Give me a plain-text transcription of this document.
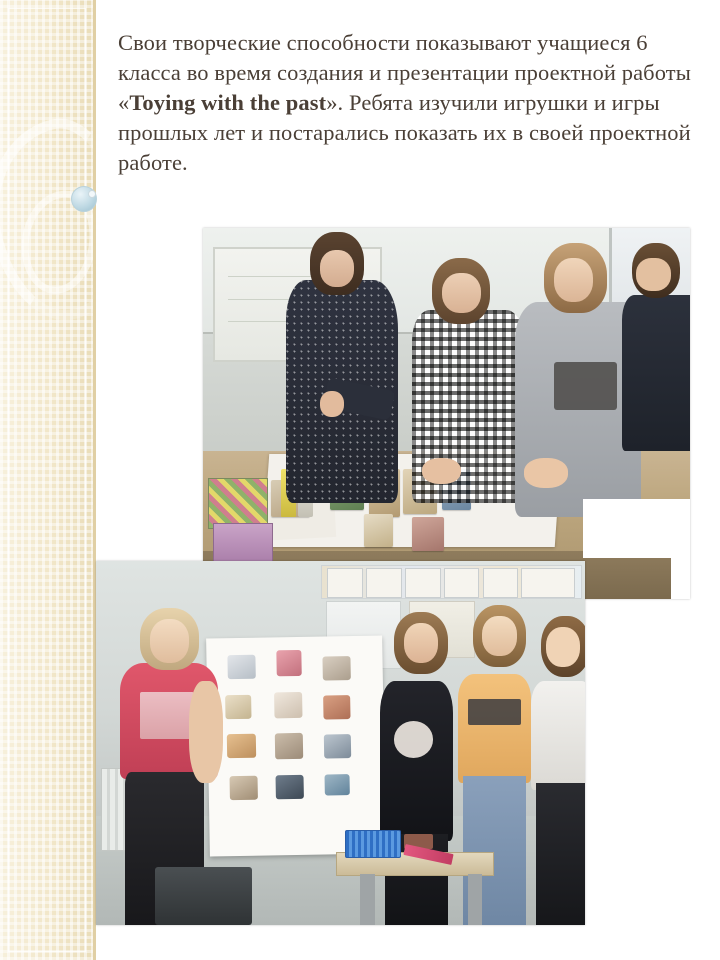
Свои творческие способности показывают учащиеся 6 класса во время создания и презентации проектной работы «Toying with the past». Ребята изучили игрушки и игры прошлых лет и постарались показать их в своей проектной работе.
